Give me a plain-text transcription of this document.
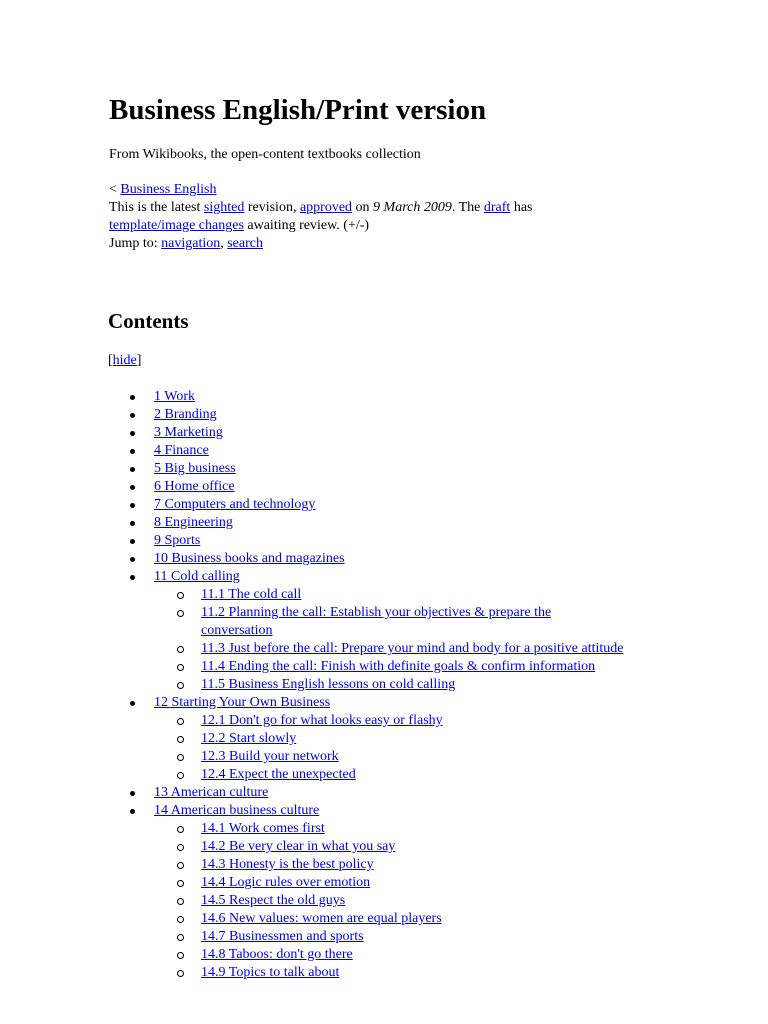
Business English/Print version

From Wikibooks, the open-content textbooks collection

< Business English
This is the latest sighted revision, approved on 9 March 2009. The draft has
template/image changes awaiting review. (+/-)
Jump to: navigation, search
Contents
[hide]
1 Work
2 Branding
3 Marketing
4 Finance
5 Big business
6 Home office
7 Computers and technology
8 Engineering
9 Sports
10 Business books and magazines
11 Cold calling
11.1 The cold call
11.2 Planning the call: Establish your objectives & prepare the conversation
11.3 Just before the call: Prepare your mind and body for a positive attitude
11.4 Ending the call: Finish with definite goals & confirm information
11.5 Business English lessons on cold calling
12 Starting Your Own Business
12.1 Don't go for what looks easy or flashy
12.2 Start slowly
12.3 Build your network
12.4 Expect the unexpected
13 American culture
14 American business culture
14.1 Work comes first
14.2 Be very clear in what you say
14.3 Honesty is the best policy
14.4 Logic rules over emotion
14.5 Respect the old guys
14.6 New values: women are equal players
14.7 Businessmen and sports
14.8 Taboos: don't go there
14.9 Topics to talk about
